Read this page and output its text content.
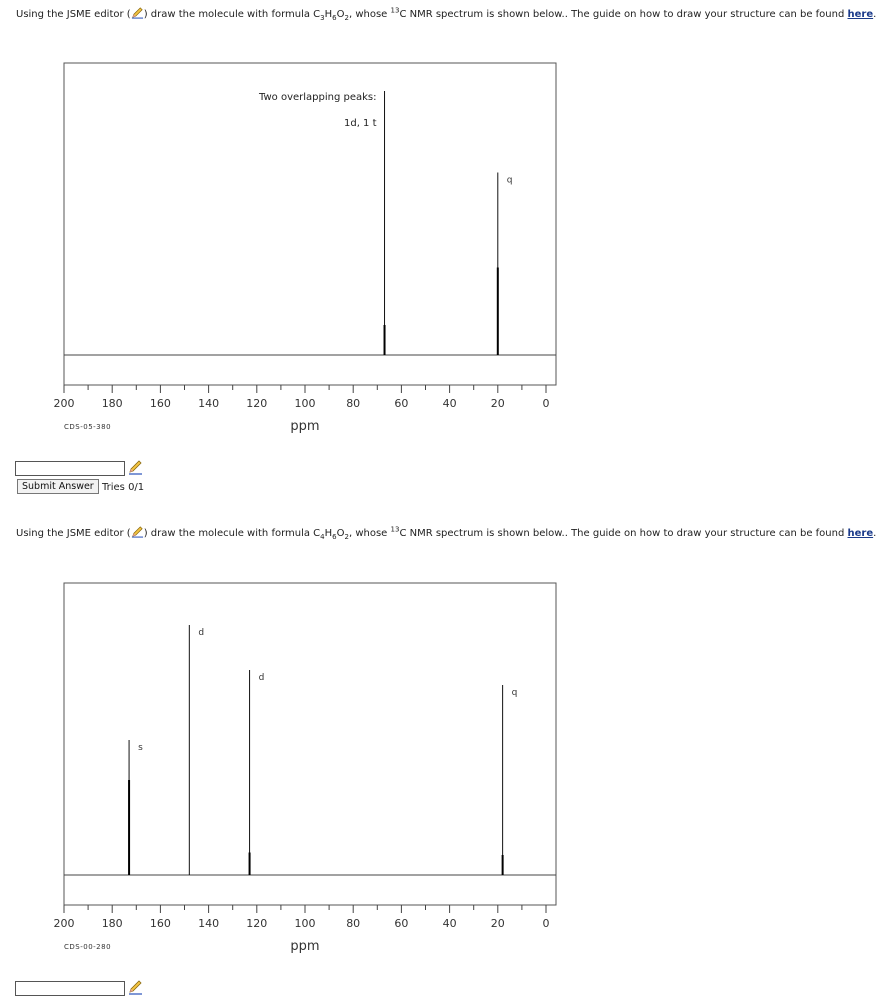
Using the JSME editor ( ) draw the molecule with formula $C_3H_6O_2$, whose $^{13}$C NMR spectrum is shown below.. The guide on how to draw your structure can be found here.
200 180 160 140 120 100	80	60	40	20	0
ppm
CDS-05-380
q
Two overlapping peaks:
1d, 1 t
Submit Answer Tries 0/1
Using the JSME editor ( ) draw the molecule with formula $C_4H_6O_2$, whose $^{13}$C NMR spectrum is shown below.. The guide on how to draw your structure can be found here.
200 180 160 140 120 100	80	60	40	20	0
ppm
CDS-00-280
s
d
d
q
